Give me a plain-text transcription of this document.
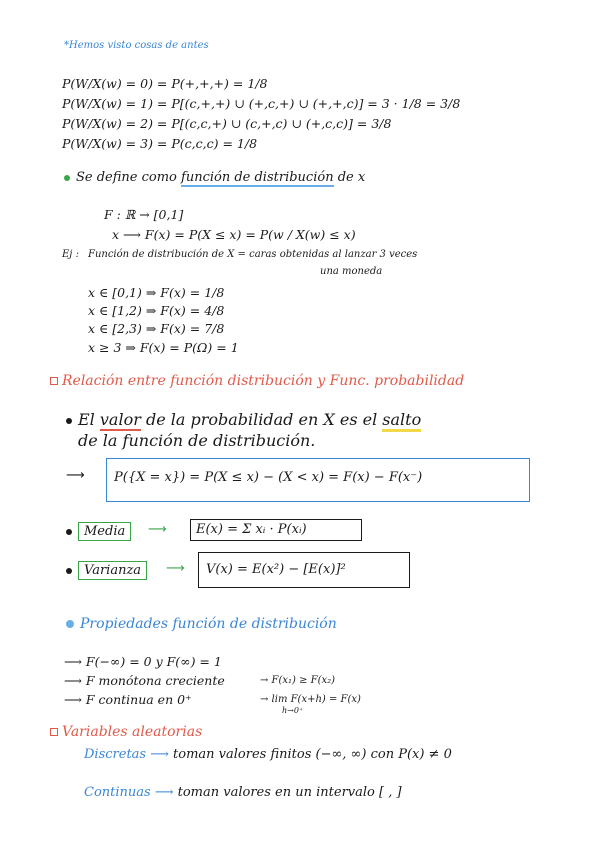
*Hemos visto cosas de antes
P(W/X(w) = 0) = P(+,+,+) = 1/8
P(W/X(w) = 1) = P[(c,+,+) ∪ (+,c,+) ∪ (+,+,c)] = 3 · 1/8 = 3/8
P(W/X(w) = 2) = P[(c,c,+) ∪ (c,+,c) ∪ (+,c,c)] = 3/8
P(W/X(w) = 3) = P(c,c,c) = 1/8
Se define como función de distribución de x
F : ℝ → [0,1]
x ⟶ F(x) = P(X ≤ x) = P(w / X(w) ≤ x)
Ej : Función de distribución de X = caras obtenidas al lanzar 3 veces
una moneda
x ∈ [0,1) ⇒ F(x) = 1/8
x ∈ [1,2) ⇒ F(x) = 4/8
x ∈ [2,3) ⇒ F(x) = 7/8
x ≥ 3 ⇒ F(x) = P(Ω) = 1
Relación entre función distribución y Func. probabilidad
El valor de la probabilidad en X es el salto
de la función de distribución.
⟶ P({X = x}) = P(X ≤ x) − (X < x) = F(x) − F(x⁻)
Media	⟶ E(x) = Σ xᵢ · P(xᵢ)
Varianza	⟶ V(x) = E(x²) − [E(x)]²
Propiedades función de distribución
⟶ F(−∞) = 0 y F(∞) = 1
⟶ F monótona creciente
⟶ F continua en 0⁺
→ F(x₁) ≥ F(x₂)
→ lim F(x+h) = F(x)
h→0⁺
Variables aleatorias
Discretas ⟶ toman valores finitos (−∞, ∞) con P(x) ≠ 0
Continuas ⟶ toman valores en un intervalo [ , ]
